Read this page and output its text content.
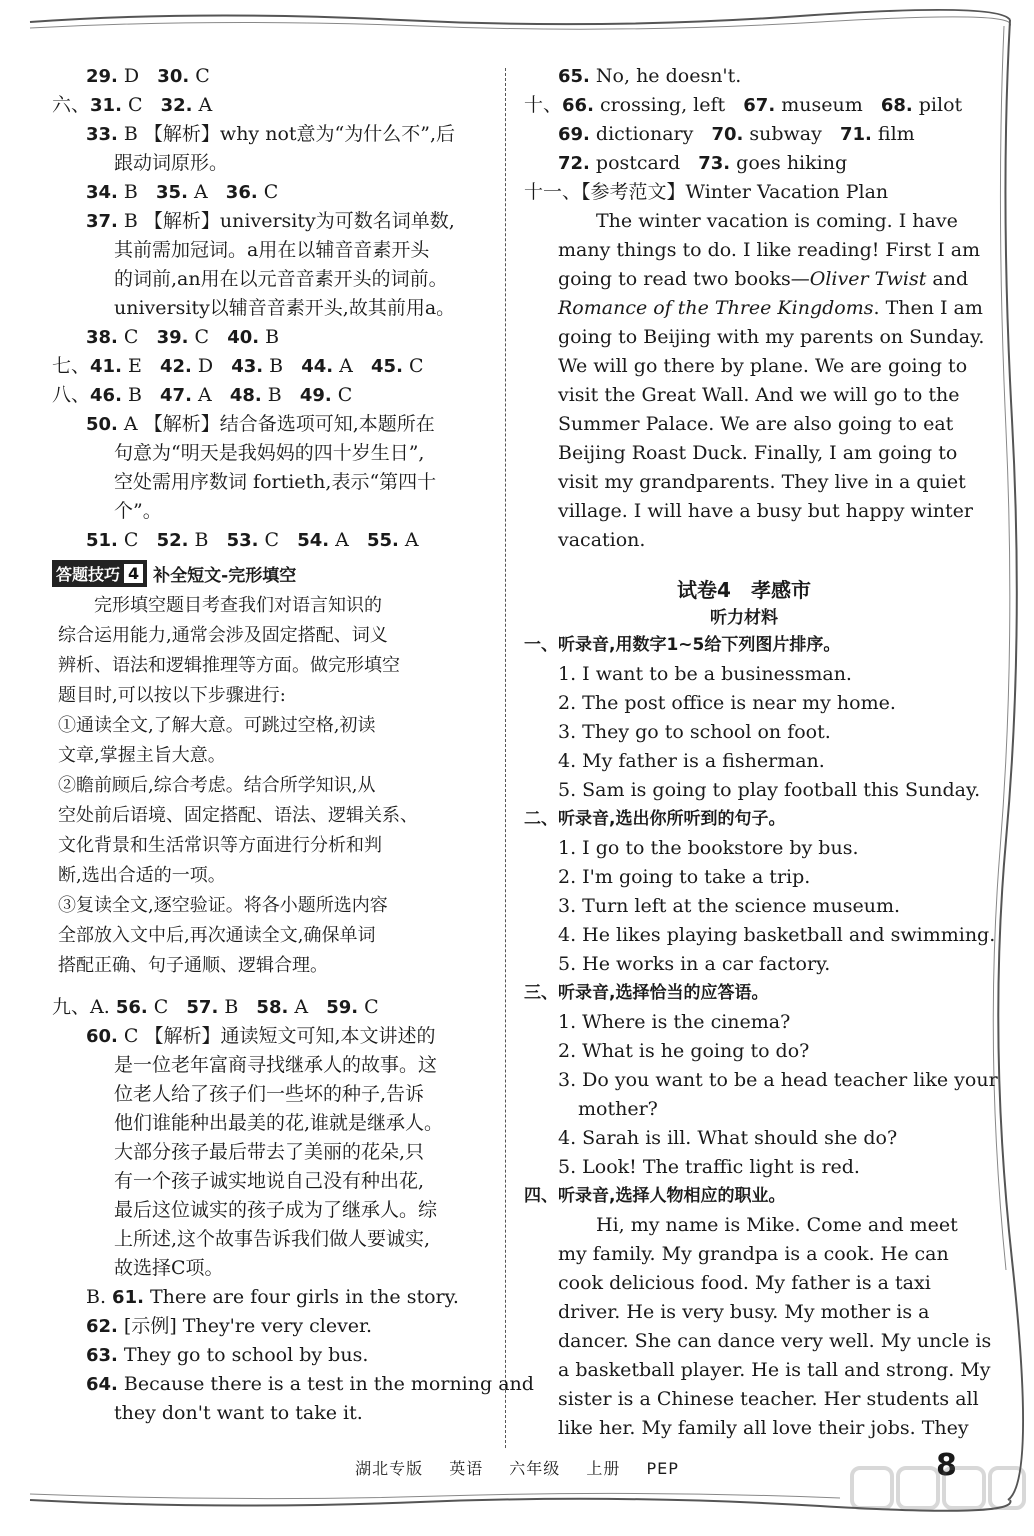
29. D   30. C
六、31. C   32. A
33. B 【解析】why not意为“为什么不”,后
跟动词原形。
34. B   35. A   36. C
37. B 【解析】university为可数名词单数,
其前需加冠词。a用在以辅音音素开头
的词前,an用在以元音音素开头的词前。
university以辅音音素开头,故其前用a。
38. C   39. C   40. B
七、41. E   42. D   43. B   44. A   45. C
八、46. B   47. A   48. B   49. C
50. A 【解析】结合备选项可知,本题所在
句意为“明天是我妈妈的四十岁生日”,
空处需用序数词 fortieth,表示“第四十
个”。
51. C   52. B   53. C   54. A   55. A
答题技巧 4 补全短文-完形填空
　　完形填空题目考查我们对语言知识的
综合运用能力,通常会涉及固定搭配、词义
辨析、语法和逻辑推理等方面。做完形填空
题目时,可以按以下步骤进行:
①通读全文,了解大意。可跳过空格,初读
文章,掌握主旨大意。
②瞻前顾后,综合考虑。结合所学知识,从
空处前后语境、固定搭配、语法、逻辑关系、
文化背景和生活常识等方面进行分析和判
断,选出合适的一项。
③复读全文,逐空验证。将各小题所选内容
全部放入文中后,再次通读全文,确保单词
搭配正确、句子通顺、逻辑合理。
九、A. 56. C   57. B   58. A   59. C
60. C 【解析】通读短文可知,本文讲述的
是一位老年富商寻找继承人的故事。这
位老人给了孩子们一些坏的种子,告诉
他们谁能种出最美的花,谁就是继承人。
大部分孩子最后带去了美丽的花朵,只
有一个孩子诚实地说自己没有种出花,
最后这位诚实的孩子成为了继承人。综
上所述,这个故事告诉我们做人要诚实,
故选择C项。
B. 61. There are four girls in the story.
62. [示例] They're very clever.
63. They go to school by bus.
64. Because there is a test in the morning and
they don't want to take it.
65. No, he doesn't.
十、66. crossing, left   67. museum   68. pilot
69. dictionary   70. subway   71. film
72. postcard   73. goes hiking
十一、【参考范文】Winter Vacation Plan
　　The winter vacation is coming. I have
many things to do. I like reading! First I am
going to read two books—Oliver Twist and
Romance of the Three Kingdoms. Then I am
going to Beijing with my parents on Sunday.
We will go there by plane. We are going to
visit the Great Wall. And we will go to the
Summer Palace. We are also going to eat
Beijing Roast Duck. Finally, I am going to
visit my grandparents. They live in a quiet
village. I will have a busy but happy winter
vacation.
试卷4　孝感市
听力材料
一、听录音,用数字1~5给下列图片排序。
1. I want to be a businessman.
2. The post office is near my home.
3. They go to school on foot.
4. My father is a fisherman.
5. Sam is going to play football this Sunday.
二、听录音,选出你所听到的句子。
1. I go to the bookstore by bus.
2. I'm going to take a trip.
3. Turn left at the science museum.
4. He likes playing basketball and swimming.
5. He works in a car factory.
三、听录音,选择恰当的应答语。
1. Where is the cinema?
2. What is he going to do?
3. Do you want to be a head teacher like your
mother?
4. Sarah is ill. What should she do?
5. Look! The traffic light is red.
四、听录音,选择人物相应的职业。
　　Hi, my name is Mike. Come and meet
my family. My grandpa is a cook. He can
cook delicious food. My father is a taxi
driver. He is very busy. My mother is a
dancer. She can dance very well. My uncle is
a basketball player. He is tall and strong. My
sister is a Chinese teacher. Her students all
like her. My family all love their jobs. They
湖北专版 英语 六年级 上册 PEP	8
